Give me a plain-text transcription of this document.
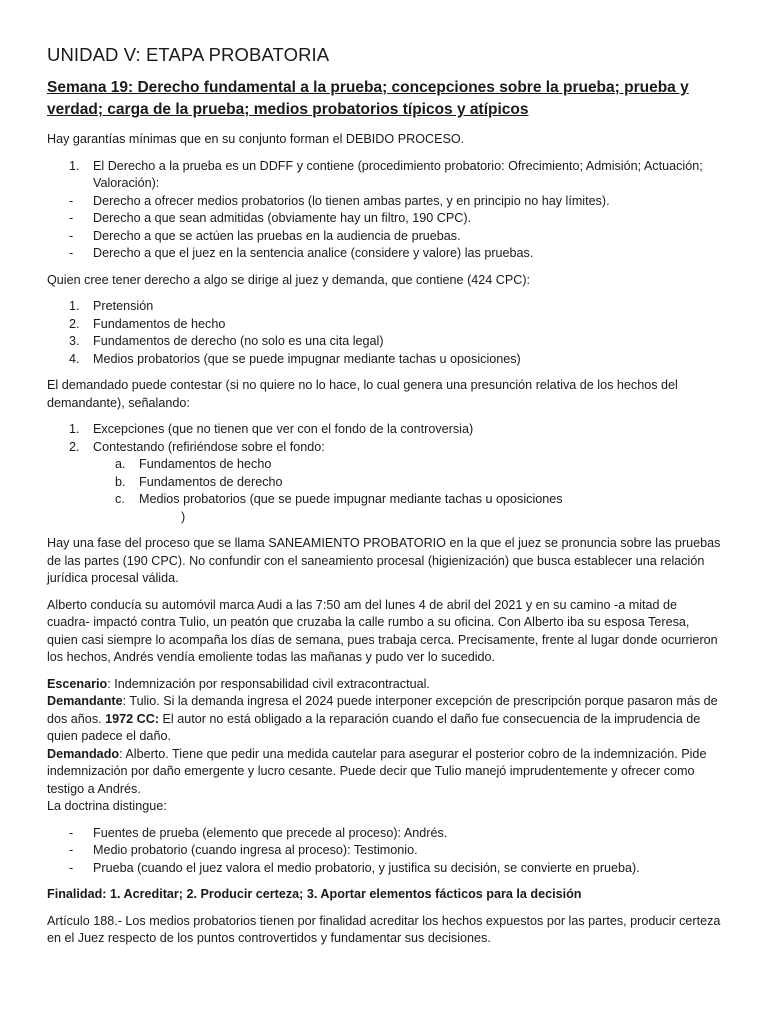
UNIDAD V: ETAPA PROBATORIA
Semana 19: Derecho fundamental a la prueba; concepciones sobre la prueba; prueba y verdad; carga de la prueba; medios probatorios típicos y atípicos

Hay garantías mínimas que en su conjunto forman el DEBIDO PROCESO.

1. El Derecho a la prueba es un DDFF y contiene (procedimiento probatorio: Ofrecimiento; Admisión; Actuación; Valoración):
- Derecho a ofrecer medios probatorios (lo tienen ambas partes, y en principio no hay límites).
- Derecho a que sean admitidas (obviamente hay un filtro, 190 CPC).
- Derecho a que se actúen las pruebas en la audiencia de pruebas.
- Derecho a que el juez en la sentencia analice (considere y valore) las pruebas.

Quien cree tener derecho a algo se dirige al juez y demanda, que contiene (424 CPC):

1. Pretensión
2. Fundamentos de hecho
3. Fundamentos de derecho (no solo es una cita legal)
4. Medios probatorios (que se puede impugnar mediante tachas u oposiciones)

El demandado puede contestar (si no quiere no lo hace, lo cual genera una presunción relativa de los hechos del demandante), señalando:

1. Excepciones (que no tienen que ver con el fondo de la controversia)
2. Contestando (refiriéndose sobre el fondo:
a. Fundamentos de hecho
b. Fundamentos de derecho
c. Medios probatorios (que se puede impugnar mediante tachas u oposiciones
)

Hay una fase del proceso que se llama SANEAMIENTO PROBATORIO en la que el juez se pronuncia sobre las pruebas de las partes (190 CPC). No confundir con el saneamiento procesal (higienización) que busca establecer una relación jurídica procesal válida.

Alberto conducía su automóvil marca Audi a las 7:50 am del lunes 4 de abril del 2021 y en su camino -a mitad de cuadra- impactó contra Tulio, un peatón que cruzaba la calle rumbo a su oficina. Con Alberto iba su esposa Teresa, quien casi siempre lo acompaña los días de semana, pues trabaja cerca. Precisamente, frente al lugar donde ocurrieron los hechos, Andrés vendía emoliente todas las mañanas y pudo ver lo sucedido.

Escenario: Indemnización por responsabilidad civil extracontractual.

Demandante: Tulio. Si la demanda ingresa el 2024 puede interponer excepción de prescripción porque pasaron más de dos años. 1972 CC: El autor no está obligado a la reparación cuando el daño fue consecuencia de la imprudencia de quien padece el daño.

Demandado: Alberto. Tiene que pedir una medida cautelar para asegurar el posterior cobro de la indemnización. Pide indemnización por daño emergente y lucro cesante. Puede decir que Tulio manejó imprudentemente y ofrecer como testigo a Andrés.

La doctrina distingue:

- Fuentes de prueba (elemento que precede al proceso): Andrés.
- Medio probatorio (cuando ingresa al proceso): Testimonio.
- Prueba (cuando el juez valora el medio probatorio, y justifica su decisión, se convierte en prueba).

Finalidad: 1. Acreditar; 2. Producir certeza; 3. Aportar elementos fácticos para la decisión

Artículo 188.- Los medios probatorios tienen por finalidad acreditar los hechos expuestos por las partes, producir certeza en el Juez respecto de los puntos controvertidos y fundamentar sus decisiones.
